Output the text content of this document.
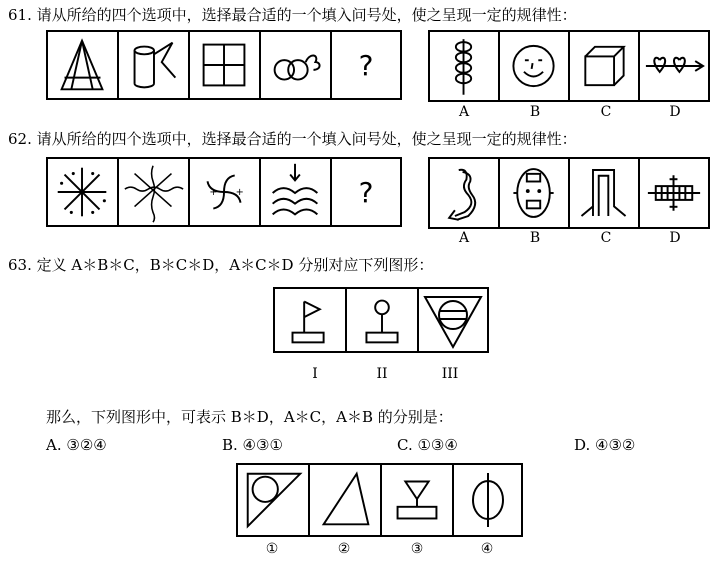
61. 请从所给的四个选项中，选择最合适的一个填入问号处，使之呈现一定的规律性：
?
A	B	C	D
62. 请从所给的四个选项中，选择最合适的一个填入问号处，使之呈现一定的规律性：
+ +	?
A	B	C	D
63. 定义 A＊B＊C，B＊C＊D，A＊C＊D 分别对应下列图形：
I	II	III
那么，下列图形中，可表示 B＊D，A＊C，A＊B 的分别是：
A. ③②④	B. ④③①	C. ①③④	D. ④③②
①	②	③	④
